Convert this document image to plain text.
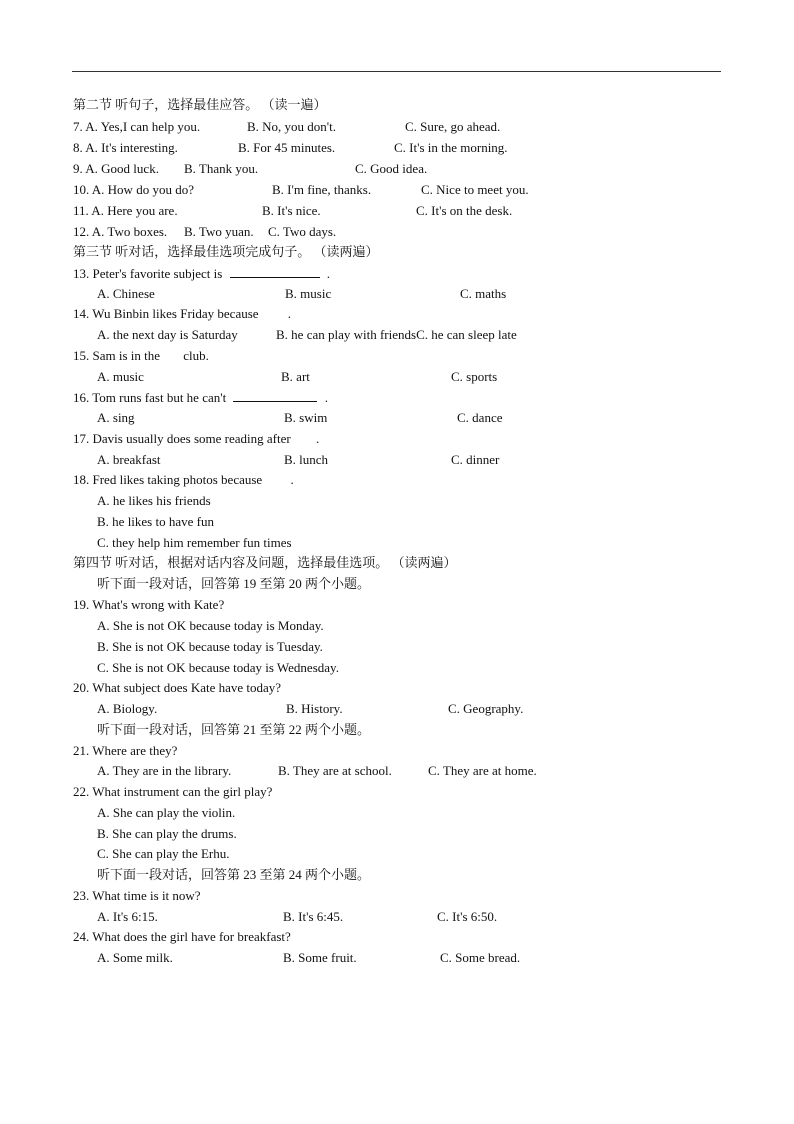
第二节 听句子，选择最佳应答。 （读一遍）
7. A. Yes,I can help you.	B. No, you don't.	C. Sure, go ahead.
8. A. It's interesting.	B. For 45 minutes.	C. It's in the morning.
9. A. Good luck. B. Thank you.	C. Good idea.
10. A. How do you do?	B. I'm fine, thanks.	C. Nice to meet you.
11. A. Here you are.	B. It's nice.	C. It's on the desk.
12. A. Two boxes. B. Two yuan. C. Two days.
第三节 听对话，选择最佳选项完成句子。 （读两遍）
13. Peter's favorite subject is	.
A. Chinese	B. music	C. maths
14. Wu Binbin likes Friday because .
A. the next day is Saturday	B. he can play with friendsC. he can sleep late
15. Sam is in the club.
A. music	B. art	C. sports
16. Tom runs fast but he can't	.
A. sing	B. swim	C. dance
17. Davis usually does some reading after .
A. breakfast	B. lunch	C. dinner
18. Fred likes taking photos because .
A. he likes his friends
B. he likes to have fun
C. they help him remember fun times
第四节 听对话，根据对话内容及问题，选择最佳选项。 （读两遍）
听下面一段对话，回答第 19 至第 20 两个小题。
19. What's wrong with Kate?
A. She is not OK because today is Monday.
B. She is not OK because today is Tuesday.
C. She is not OK because today is Wednesday.
20. What subject does Kate have today?
A. Biology.	B. History.	C. Geography.
听下面一段对话，回答第 21 至第 22 两个小题。
21. Where are they?
A. They are in the library.	B. They are at school.	C. They are at home.
22. What instrument can the girl play?
A. She can play the violin.
B. She can play the drums.
C. She can play the Erhu.
听下面一段对话，回答第 23 至第 24 两个小题。
23. What time is it now?
A. It's 6:15.	B. It's 6:45.	C. It's 6:50.
24. What does the girl have for breakfast?
A. Some milk.	B. Some fruit.	C. Some bread.
